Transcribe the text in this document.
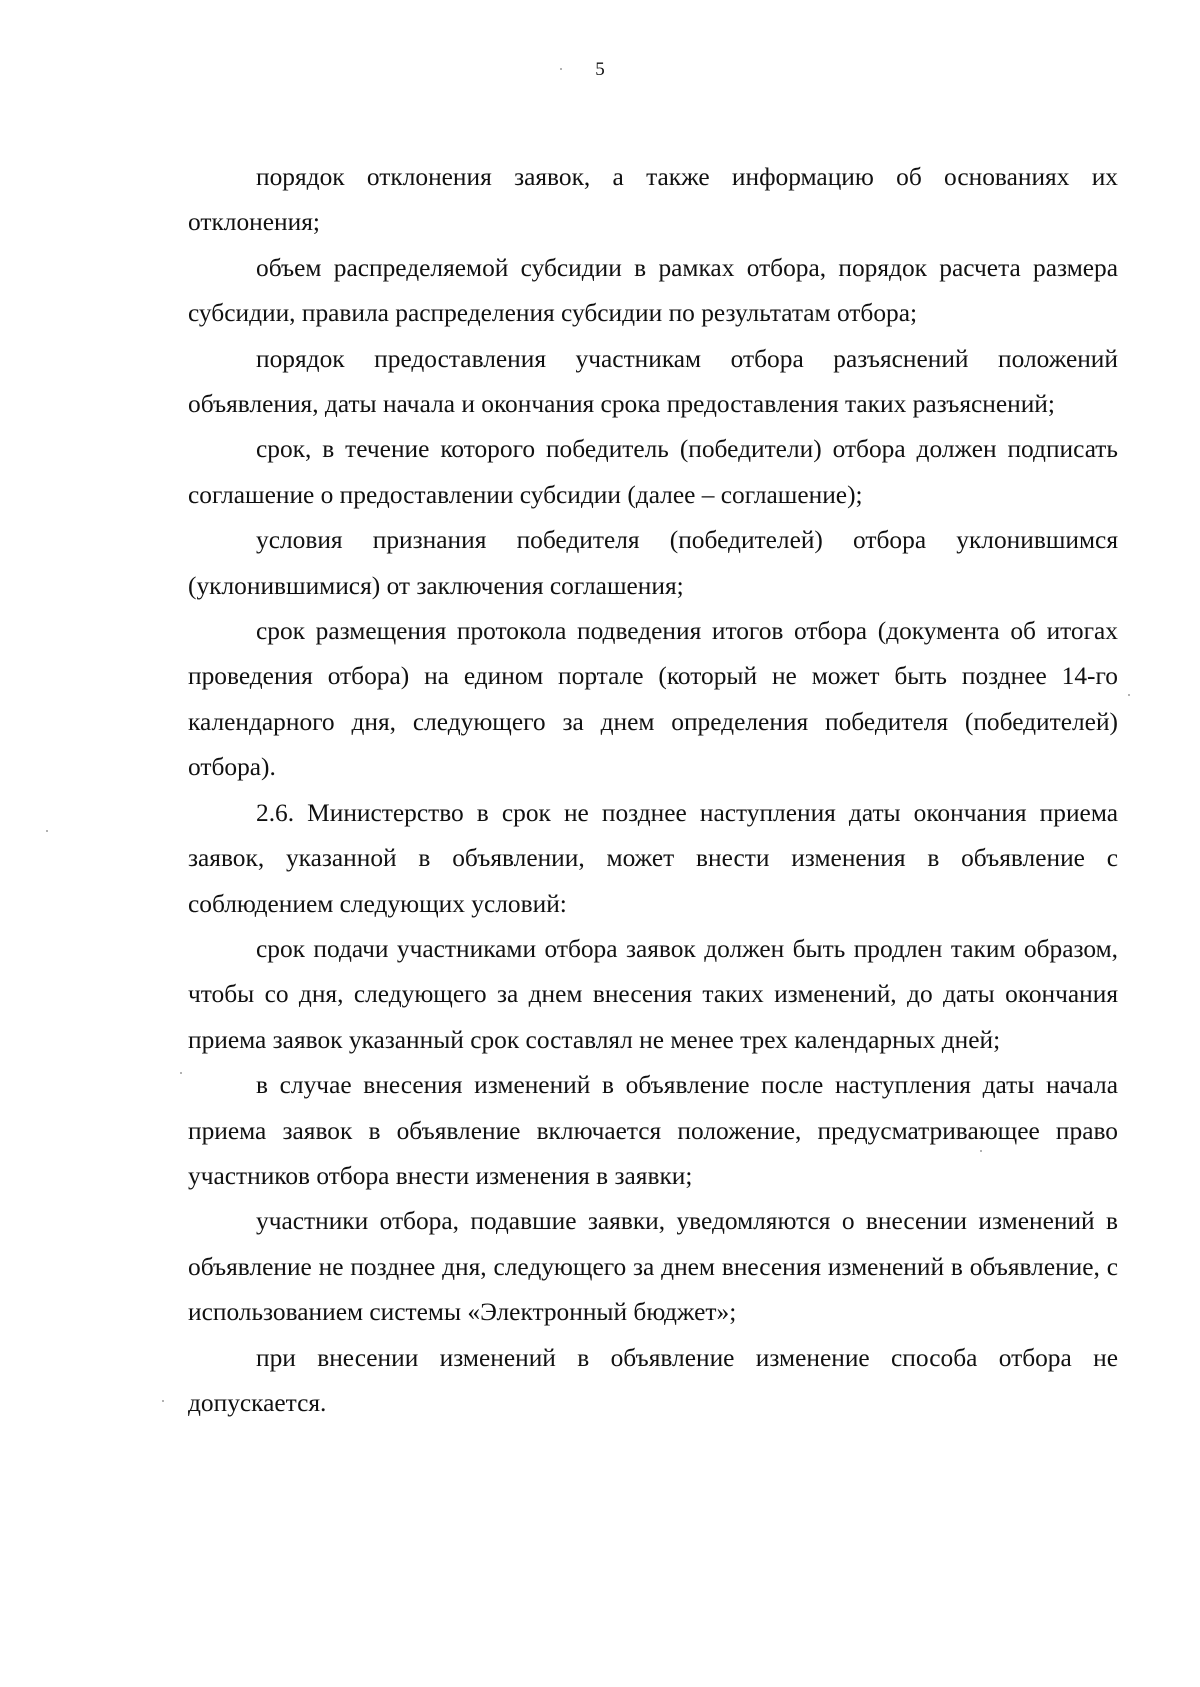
5

порядок отклонения заявок, а также информацию об основаниях их отклонения;

объем распределяемой субсидии в рамках отбора, порядок расчета размера субсидии, правила распределения субсидии по результатам отбора;

порядок предоставления участникам отбора разъяснений положений объявления, даты начала и окончания срока предоставления таких разъяснений;

срок, в течение которого победитель (победители) отбора должен подписать соглашение о предоставлении субсидии (далее – соглашение);

условия признания победителя (победителей) отбора уклонившимся (уклонившимися) от заключения соглашения;

срок размещения протокола подведения итогов отбора (документа об итогах проведения отбора) на едином портале (который не может быть позднее 14-го календарного дня, следующего за днем определения победителя (победителей) отбора).

2.6. Министерство в срок не позднее наступления даты окончания приема заявок, указанной в объявлении, может внести изменения в объявление с соблюдением следующих условий:

срок подачи участниками отбора заявок должен быть продлен таким образом, чтобы со дня, следующего за днем внесения таких изменений, до даты окончания приема заявок указанный срок составлял не менее трех календарных дней;

в случае внесения изменений в объявление после наступления даты начала приема заявок в объявление включается положение, предусматривающее право участников отбора внести изменения в заявки;

участники отбора, подавшие заявки, уведомляются о внесении изменений в объявление не позднее дня, следующего за днем внесения изменений в объявление, с использованием системы «Электронный бюджет»;

при внесении изменений в объявление изменение способа отбора не допускается.
